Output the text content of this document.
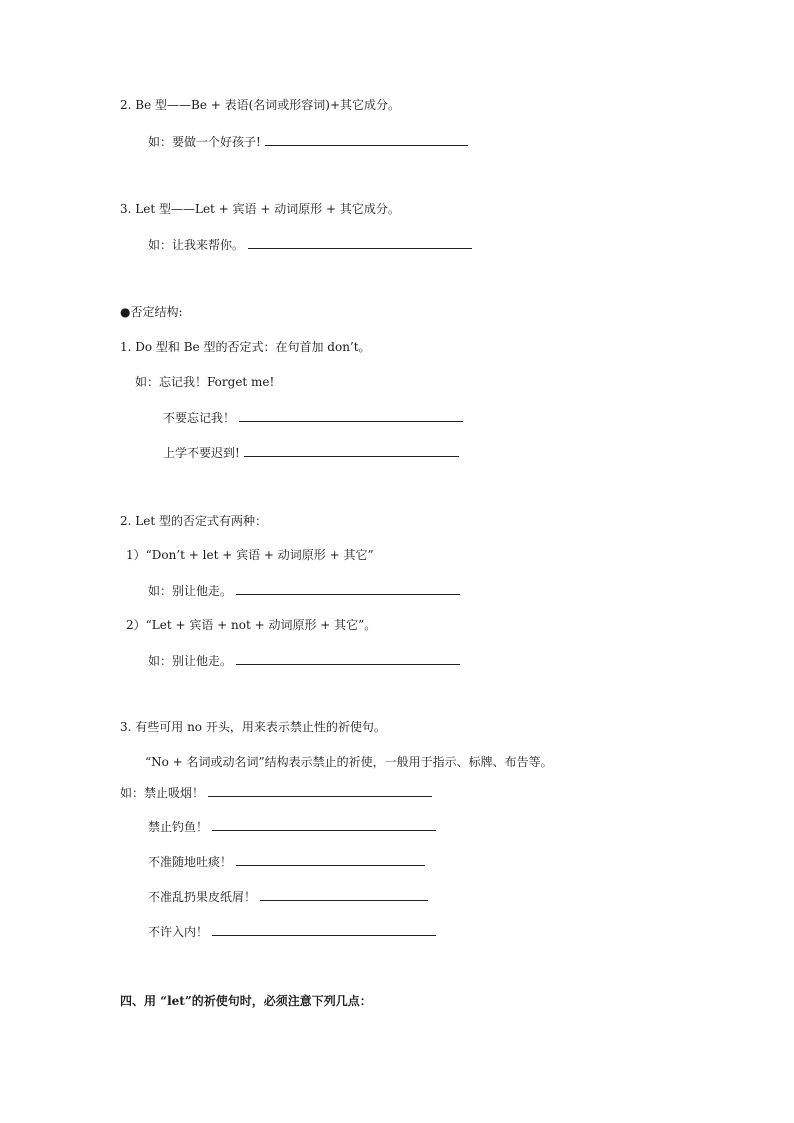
2. Be 型——Be + 表语(名词或形容词)+其它成分。
如：要做一个好孩子!
3. Let 型——Let + 宾语 + 动词原形 + 其它成分。
如：让我来帮你。
●否定结构:
1. Do 型和 Be 型的否定式：在句首加 don’t。
如：忘记我！Forget me!
不要忘记我！
上学不要迟到!
2. Let 型的否定式有两种：
1）“Don’t + let + 宾语 + 动词原形 + 其它”
如：别让他走。
2）“Let + 宾语 + not + 动词原形 + 其它”。
如：别让他走。
3. 有些可用 no 开头，用来表示禁止性的祈使句。
“No + 名词或动名词”结构表示禁止的祈使，一般用于指示、标牌、布告等。
如：禁止吸烟！
禁止钓鱼！
不准随地吐痰！
不准乱扔果皮纸屑！
不许入内！
四、用 “let”的祈使句时，必须注意下列几点：
